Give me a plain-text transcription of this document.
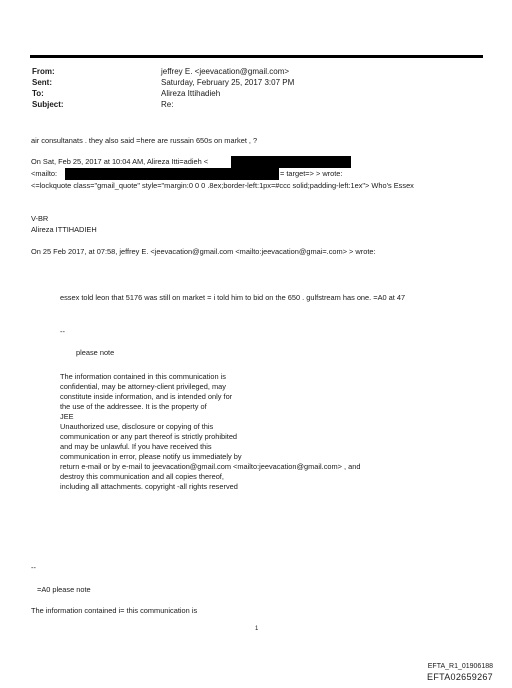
From:	jeffrey E. <jeevacation@gmail.com>
Sent:	Saturday, February 25, 2017 3:07 PM
To:	Alireza Ittihadieh
Subject:	Re:
air consultanats . they also said =here are russain 650s on market , ?
On Sat, Feb 25, 2017 at 10:04 AM, Alireza Itti=adieh <
<mailto:	= target=> > wrote:
<=lockquote class="gmail_quote" style="margin:0 0 0 .8ex;border-left:1px=#ccc solid;padding-left:1ex"> Who's Essex
V-BR
Alireza ITTIHADIEH
On 25 Feb 2017, at 07:58, jeffrey E. <jeevacation@gmail.com <mailto:jeevacation@gmai=.com> > wrote:
essex told leon that 5176 was still on market = i told him to bid on the 650 . gulfstream has one. =A0 at 47
--
please note
The information contained in this communication is
confidential, may be attorney-client privileged, may
constitute inside information, and is intended only for
the use of the addressee. It is the property of
JEE
Unauthorized use, disclosure or copying of this
communication or any part thereof is strictly prohibited
and may be unlawful. If you have received this
communication in error, please notify us immediately by
return e-mail or by e-mail to jeevacation@gmail.com <mailto:jeevacation@gmail.com> , and
destroy this communication and all copies thereof,
including all attachments. copyright -all rights reserved
--
=A0 please note
The information contained i= this communication is
1
EFTA_R1_01906188
EFTA02659267
